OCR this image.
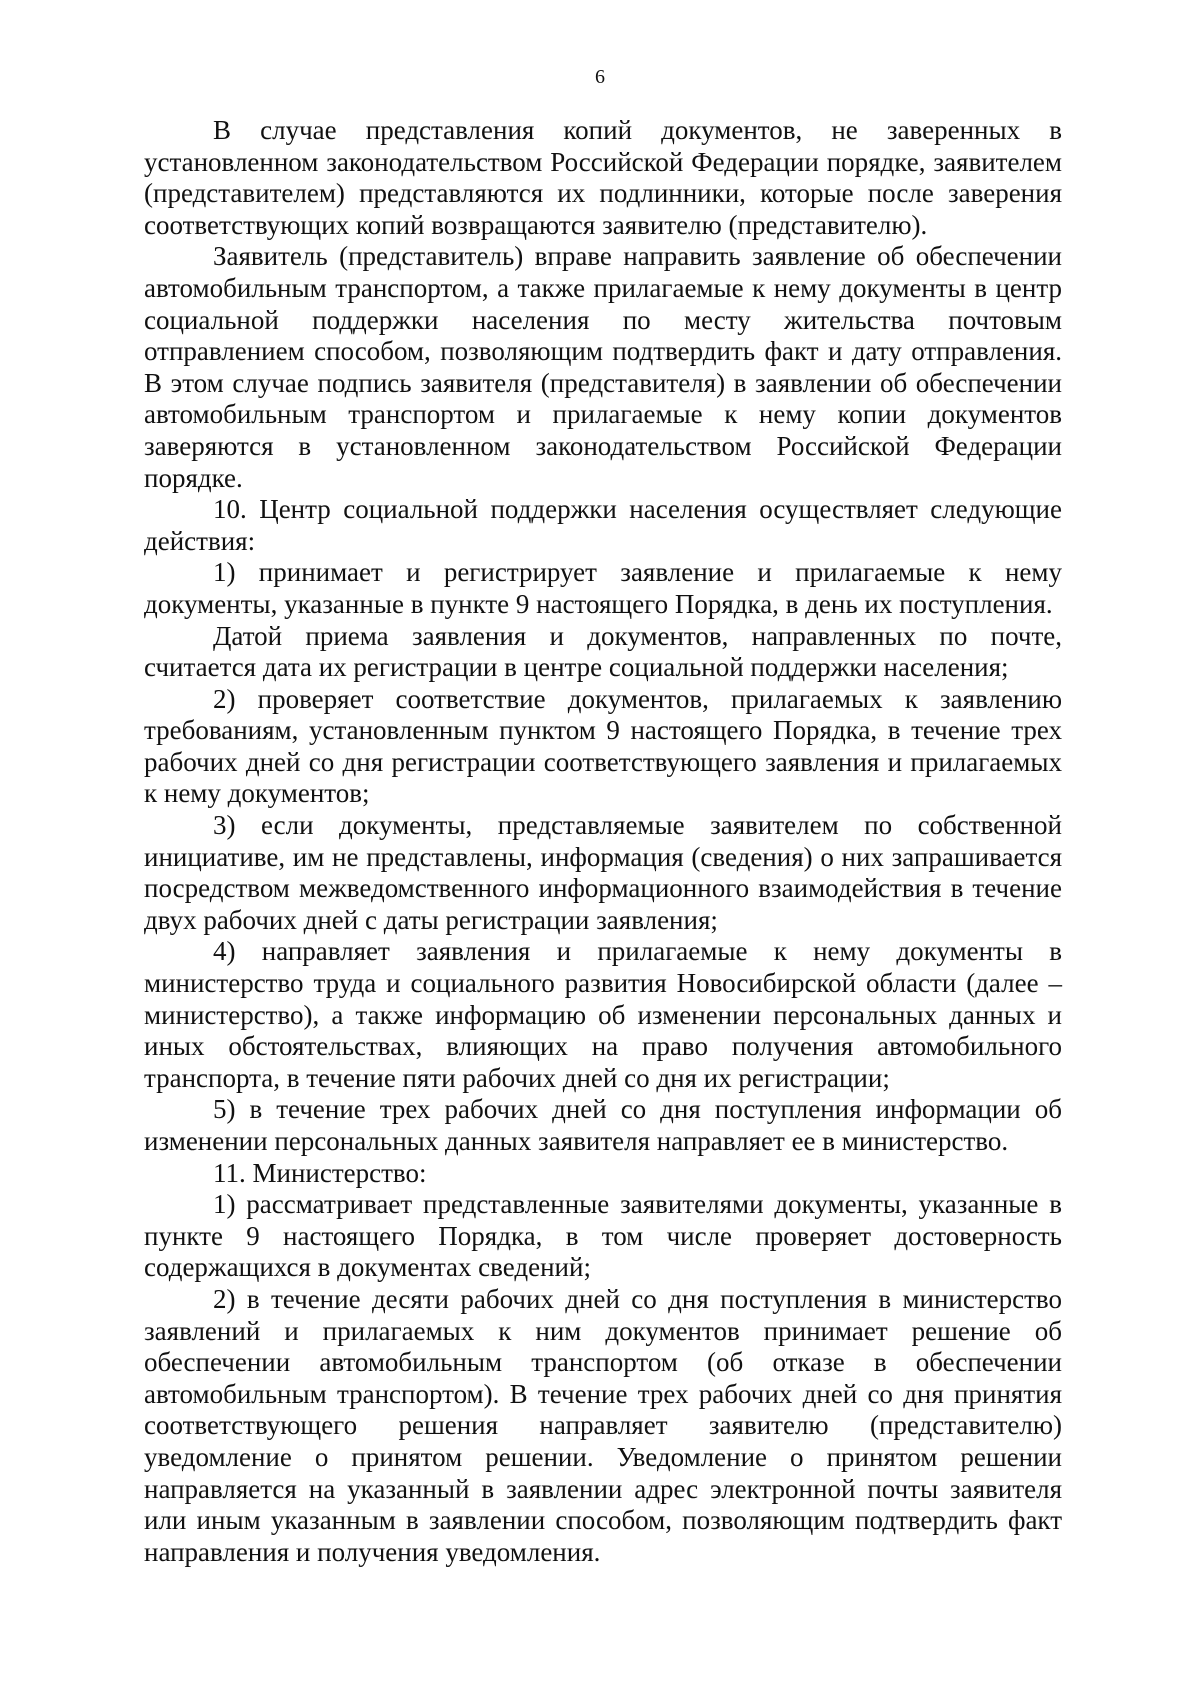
6

В случае представления копий документов, не заверенных в установленном законодательством Российской Федерации порядке, заявителем (представителем) представляются их подлинники, которые после заверения соответствующих копий возвращаются заявителю (представителю).

Заявитель (представитель) вправе направить заявление об обеспечении автомобильным транспортом, а также прилагаемые к нему документы в центр социальной поддержки населения по месту жительства почтовым отправлением способом, позволяющим подтвердить факт и дату отправления. В этом случае подпись заявителя (представителя) в заявлении об обеспечении автомобильным транспортом и прилагаемые к нему копии документов заверяются в установленном законодательством Российской Федерации порядке.

10. Центр социальной поддержки населения осуществляет следующие действия:

1) принимает и регистрирует заявление и прилагаемые к нему документы, указанные в пункте 9 настоящего Порядка, в день их поступления.

Датой приема заявления и документов, направленных по почте, считается дата их регистрации в центре социальной поддержки населения;

2) проверяет соответствие документов, прилагаемых к заявлению требованиям, установленным пунктом 9 настоящего Порядка, в течение трех рабочих дней со дня регистрации соответствующего заявления и прилагаемых к нему документов;

3) если документы, представляемые заявителем по собственной инициативе, им не представлены, информация (сведения) о них запрашивается посредством межведомственного информационного взаимодействия в течение двух рабочих дней с даты регистрации заявления;

4) направляет заявления и прилагаемые к нему документы в министерство труда и социального развития Новосибирской области (далее – министерство), а также информацию об изменении персональных данных и иных обстоятельствах, влияющих на право получения автомобильного транспорта, в течение пяти рабочих дней со дня их регистрации;

5) в течение трех рабочих дней со дня поступления информации об изменении персональных данных заявителя направляет ее в министерство.

11. Министерство:

1) рассматривает представленные заявителями документы, указанные в пункте 9 настоящего Порядка, в том числе проверяет достоверность содержащихся в документах сведений;

2) в течение десяти рабочих дней со дня поступления в министерство заявлений и прилагаемых к ним документов принимает решение об обеспечении автомобильным транспортом (об отказе в обеспечении автомобильным транспортом). В течение трех рабочих дней со дня принятия соответствующего решения направляет заявителю (представителю) уведомление о принятом решении. Уведомление о принятом решении направляется на указанный в заявлении адрес электронной почты заявителя или иным указанным в заявлении способом, позволяющим подтвердить факт направления и получения уведомления.
